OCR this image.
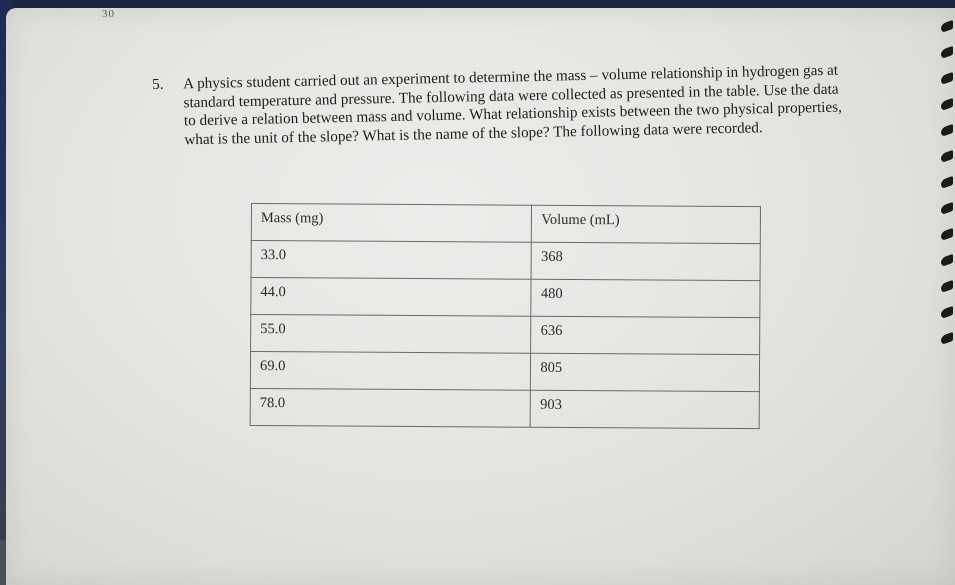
30
5. A physics student carried out an experiment to determine the mass – volume relationship in hydrogen gas at standard temperature and pressure. The following data were collected as presented in the table. Use the data to derive a relation between mass and volume. What relationship exists between the two physical properties, what is the unit of the slope? What is the name of the slope? The following data were recorded.
Mass (mg)	Volume (mL)
33.0	368
44.0	480
55.0	636
69.0	805
78.0	903
